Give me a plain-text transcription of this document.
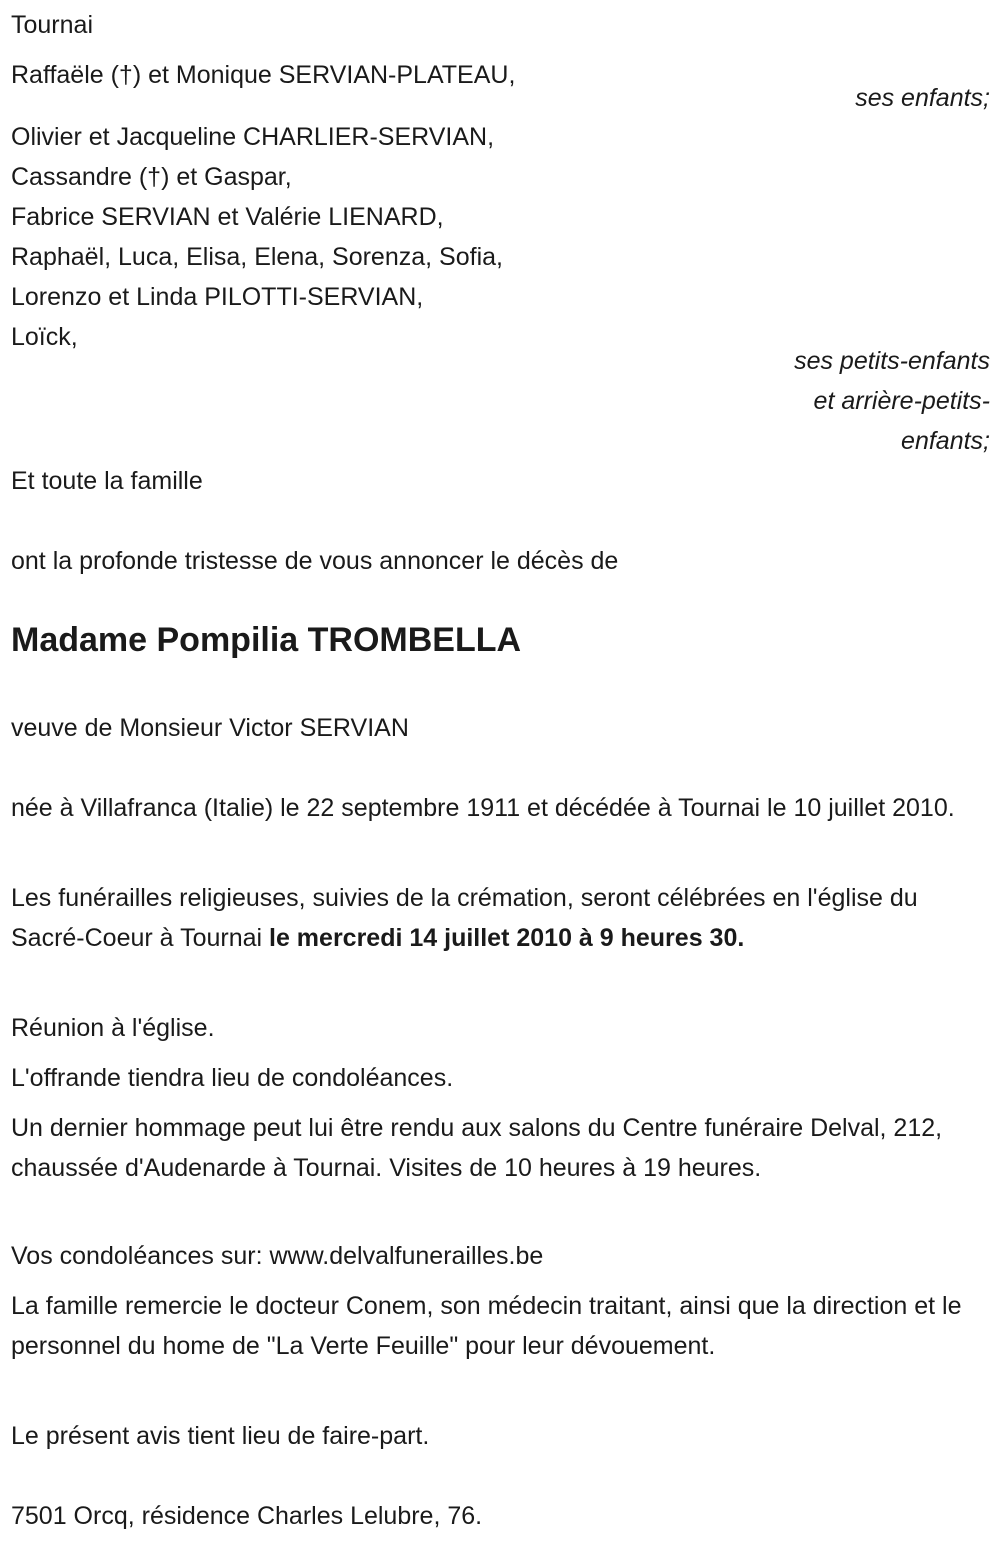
Tournai
Raffaële (†) et Monique SERVIAN-PLATEAU,
ses enfants;
Olivier et Jacqueline CHARLIER-SERVIAN,
Cassandre (†) et Gaspar,
Fabrice SERVIAN et Valérie LIENARD,
Raphaël, Luca, Elisa, Elena, Sorenza, Sofia,
Lorenzo et Linda PILOTTI-SERVIAN,
Loïck,
ses petits-enfants
et arrière-petits-
enfants;
Et toute la famille
ont la profonde tristesse de vous annoncer le décès de
Madame Pompilia TROMBELLA
veuve de Monsieur Victor SERVIAN
née à Villafranca (Italie) le 22 septembre 1911 et décédée à Tournai le 10 juillet 2010.
Les funérailles religieuses, suivies de la crémation, seront célébrées en l'église du Sacré-Coeur à Tournai le mercredi 14 juillet 2010 à 9 heures 30.
Réunion à l'église.
L'offrande tiendra lieu de condoléances.
Un dernier hommage peut lui être rendu aux salons du Centre funéraire Delval, 212, chaussée d'Audenarde à Tournai. Visites de 10 heures à 19 heures.
Vos condoléances sur: www.delvalfunerailles.be
La famille remercie le docteur Conem, son médecin traitant, ainsi que la direction et le personnel du home de "La Verte Feuille" pour leur dévouement.
Le présent avis tient lieu de faire-part.
7501 Orcq, résidence Charles Lelubre, 76.
